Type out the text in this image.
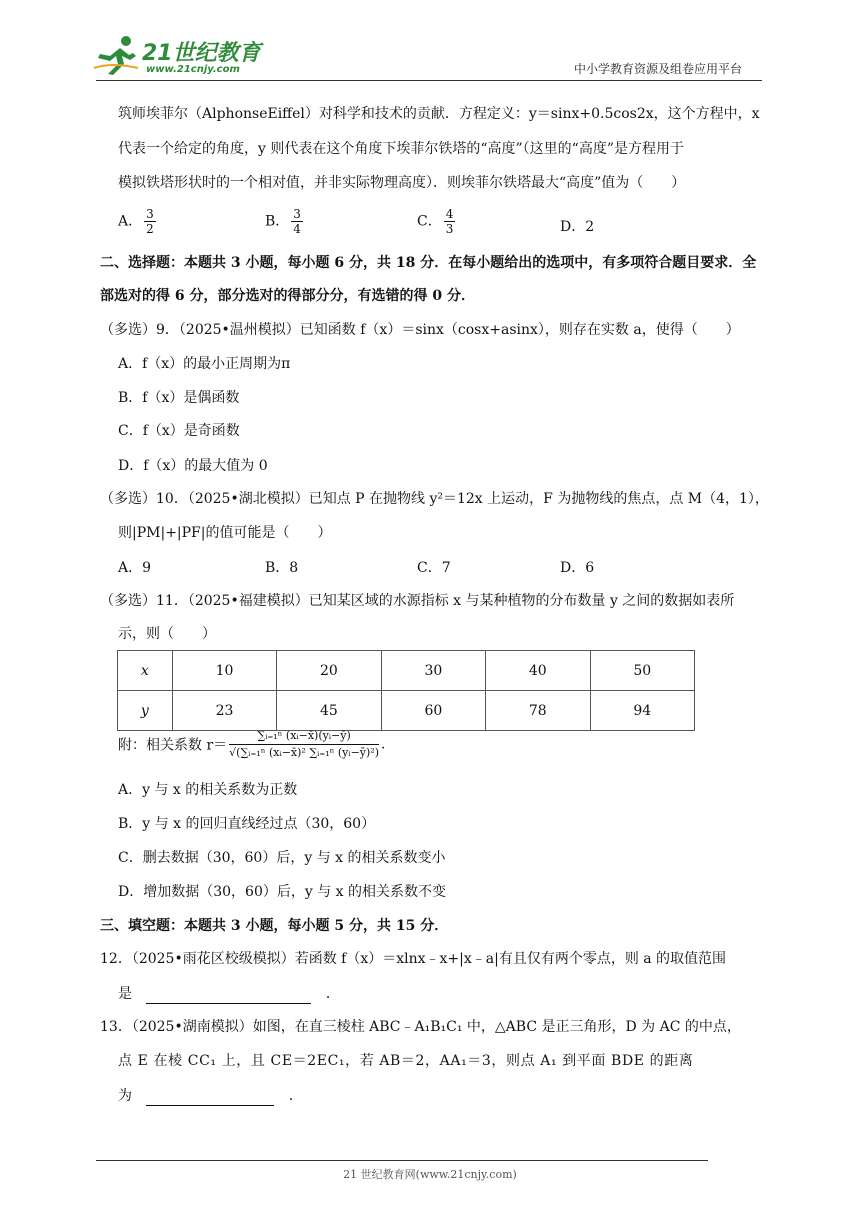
21世纪教育
www.21cnjy.com	中小学教育资源及组卷应用平台
筑师埃菲尔（AlphonseEiffel）对科学和技术的贡献．方程定义：y＝sinx+0.5cos2x，这个方程中，x
代表一个给定的角度，y 则代表在这个角度下埃菲尔铁塔的“高度”（这里的“高度”是方程用于
模拟铁塔形状时的一个相对值，并非实际物理高度）．则埃菲尔铁塔最大“高度”值为（　　）
A． $\frac{3}{2}$	B． $\frac{3}{4}$	C． $\frac{4}{3}$	D．2
二、选择题：本题共 3 小题，每小题 6 分，共 18 分．在每小题给出的选项中，有多项符合题目要求．全
部选对的得 6 分，部分选对的得部分分，有选错的得 0 分．
（多选）9．（2025•温州模拟）已知函数 f（x）＝sinx（cosx+asinx），则存在实数 a，使得（　　）
A．f（x）的最小正周期为π
B．f（x）是偶函数
C．f（x）是奇函数
D．f（x）的最大值为 0
（多选）10．（2025•湖北模拟）已知点 P 在抛物线 y²＝12x 上运动，F 为抛物线的焦点，点 M（4，1），
则|PM|+|PF|的值可能是（　　）
A．9	B．8	C．7	D．6
（多选）11．（2025•福建模拟）已知某区域的水源指标 x 与某种植物的分布数量 y 之间的数据如表所
示，则（　　）
x	10	20	30	40	50
y	23	45	60	78	94
附：相关系数 $r= \frac{\text{∑ᵢ₌₁ⁿ (xᵢ−x̄)(yᵢ−ȳ)}}{\text{√(∑ᵢ₌₁ⁿ (xᵢ−x̄)² ∑ᵢ₌₁ⁿ (yᵢ−ȳ)²)}}$ .
A．y 与 x 的相关系数为正数
B．y 与 x 的回归直线经过点（30，60）
C．删去数据（30，60）后，y 与 x 的相关系数变小
D．增加数据（30，60）后，y 与 x 的相关系数不变
三、填空题：本题共 3 小题，每小题 5 分，共 15 分．
12．（2025•雨花区校级模拟）若函数 f（x）＝xlnx﹣x+|x﹣a|有且仅有两个零点，则 a 的取值范围
是	．
13．（2025•湖南模拟）如图，在直三棱柱 ABC﹣A₁B₁C₁ 中，△ABC 是正三角形，D 为 AC 的中点，
点 E 在棱 CC₁ 上，且 CE＝2EC₁，若 AB＝2，AA₁＝3，则点 A₁ 到平面 BDE 的距离
为	．
21 世纪教育网(www.21cnjy.com)
